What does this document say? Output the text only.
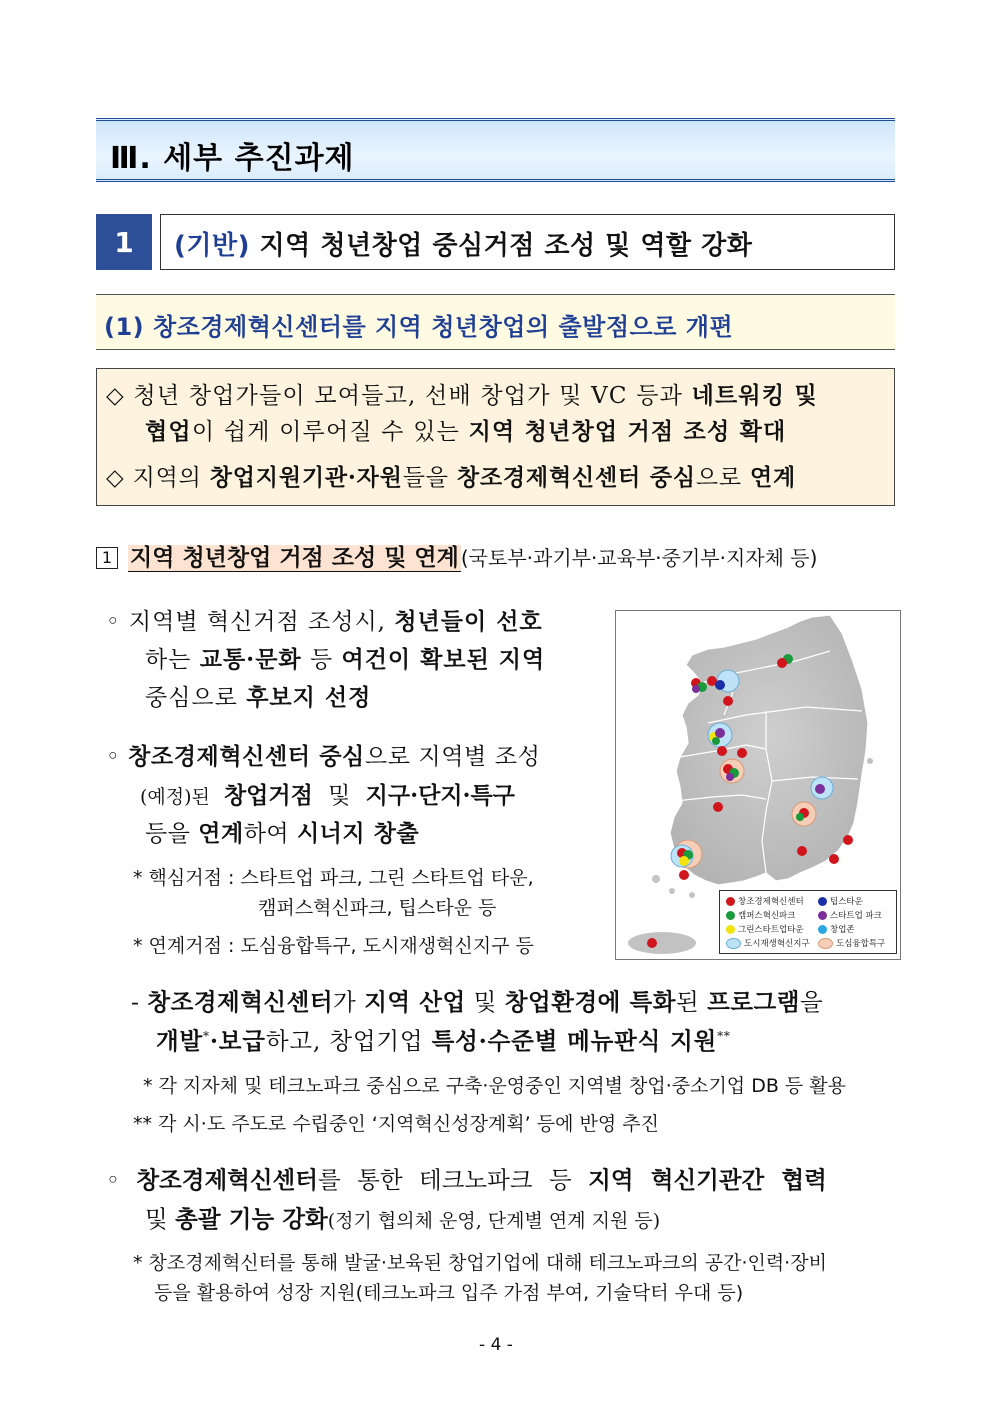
Ⅲ. 세부 추진과제
1	(기반) 지역 청년창업 중심거점 조성 및 역할 강화
(1) 창조경제혁신센터를 지역 청년창업의 출발점으로 개편
◇ 청년 창업가들이 모여들고, 선배 창업가 및 VC 등과 네트워킹 및
협업이 쉽게 이루어질 수 있는 지역 청년창업 거점 조성 확대
◇ 지역의 창업지원기관·자원들을 창조경제혁신센터 중심으로 연계
1 지역 청년창업 거점 조성 및 연계 (국토부·과기부·교육부·중기부·지자체 등)
◦ 지역별 혁신거점 조성시, 청년들이 선호
하는 교통·문화 등 여건이 확보된 지역
중심으로 후보지 선정
◦ 창조경제혁신센터 중심으로 지역별 조성
(예정)된 창업거점 및 지구·단지·특구
등을 연계하여 시너지 창출
* 핵심거점 : 스타트업 파크, 그린 스타트업 타운,
캠퍼스혁신파크, 팁스타운 등
* 연계거점 : 도심융합특구, 도시재생혁신지구 등
창조경제혁신센터	팁스타운
캠퍼스혁신파크	스타트업 파크
그린스타트업타운	창업존
도시재생혁신지구	도심융합특구
- 창조경제혁신센터가 지역 산업 및 창업환경에 특화된 프로그램을
개발*·보급하고, 창업기업 특성·수준별 메뉴판식 지원**
* 각 지자체 및 테크노파크 중심으로 구축·운영중인 지역별 창업·중소기업 DB 등 활용
** 각 시·도 주도로 수립중인 ‘지역혁신성장계획’ 등에 반영 추진
◦ 창조경제혁신센터를 통한 테크노파크 등 지역 혁신기관간 협력
및 총괄 기능 강화(정기 협의체 운영, 단계별 연계 지원 등)
* 창조경제혁신터를 통해 발굴·보육된 창업기업에 대해 테크노파크의 공간·인력·장비
등을 활용하여 성장 지원(테크노파크 입주 가점 부여, 기술닥터 우대 등)
- 4 -
